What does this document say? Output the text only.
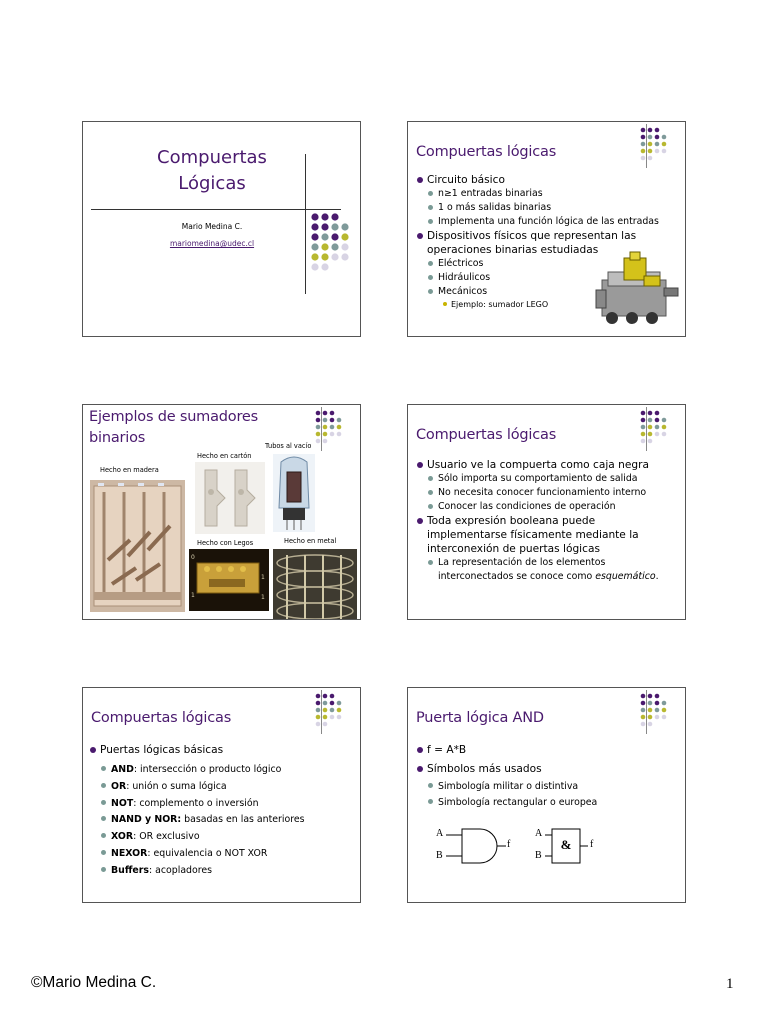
Compuertas
Lógicas
Mario Medina C.
mariomedina@udec.cl
Compuertas lógicas
Circuito básico
n≥1 entradas binarias
1 o más salidas binarias
Implementa una función lógica de las entradas
Dispositivos físicos que representan las operaciones binarias estudiadas
Eléctricos
Hidráulicos
Mecánicos
Ejemplo: sumador LEGO
Ejemplos de sumadores binarios
Hecho en madera
Hecho en cartón
Tubos al vacío
Hecho con Legos	Hecho en metal
0
1
1
1
Compuertas lógicas
Usuario ve la compuerta como caja negra
Sólo importa su comportamiento de salida
No necesita conocer funcionamiento interno
Conocer las condiciones de operación
Toda expresión booleana puede implementarse físicamente mediante la interconexión de puertas lógicas
La representación de los elementos interconectados se conoce como esquemático.
Compuertas lógicas
Puertas lógicas básicas
AND: intersección o producto lógico
OR: unión o suma lógica
NOT: complemento o inversión
NAND y NOR: basadas en las anteriores
XOR: OR exclusivo
NEXOR: equivalencia o NOT XOR
Buffers: acopladores
Puerta lógica AND
f = A*B
Símbolos más usados
Simbología militar o distintiva
Simbología rectangular o europea
A
B
f
A
B
&	f
©Mario Medina C.	1
